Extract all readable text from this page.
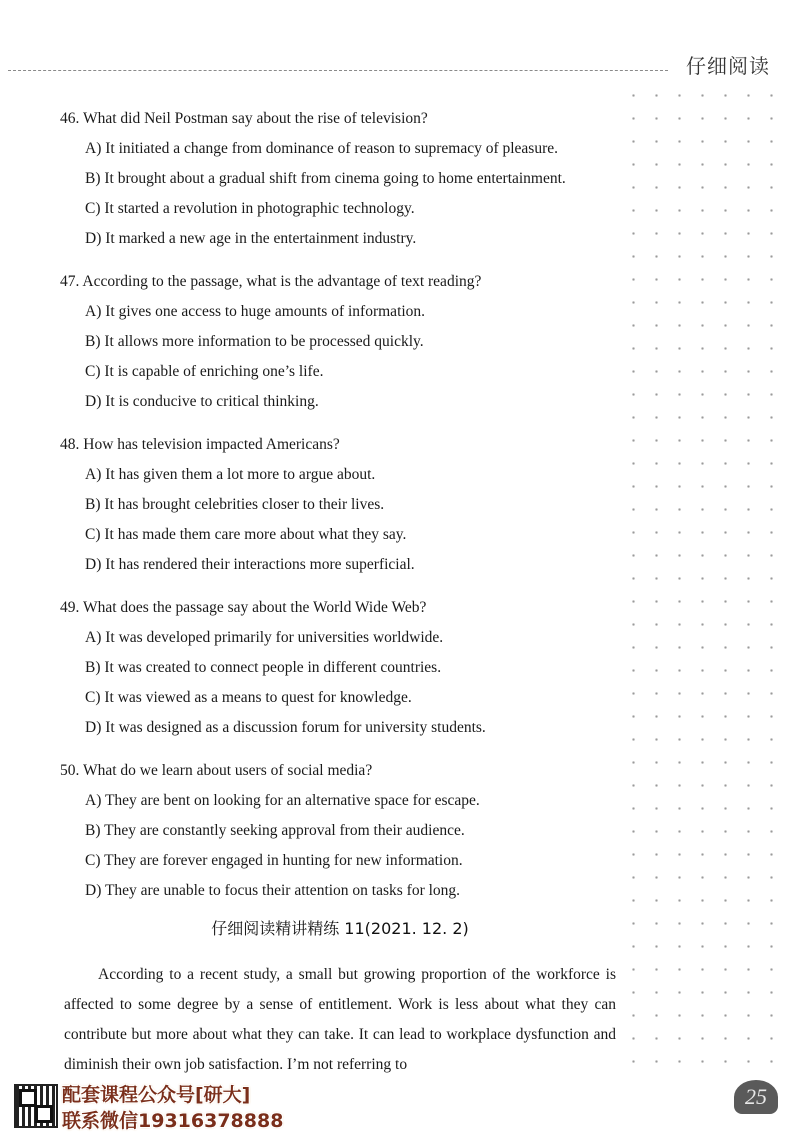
仔细阅读
46. What did Neil Postman say about the rise of television?
A) It initiated a change from dominance of reason to supremacy of pleasure.
B) It brought about a gradual shift from cinema going to home entertainment.
C) It started a revolution in photographic technology.
D) It marked a new age in the entertainment industry.
47. According to the passage, what is the advantage of text reading?
A) It gives one access to huge amounts of information.
B) It allows more information to be processed quickly.
C) It is capable of enriching one’s life.
D) It is conducive to critical thinking.
48. How has television impacted Americans?
A) It has given them a lot more to argue about.
B) It has brought celebrities closer to their lives.
C) It has made them care more about what they say.
D) It has rendered their interactions more superficial.
49. What does the passage say about the World Wide Web?
A) It was developed primarily for universities worldwide.
B) It was created to connect people in different countries.
C) It was viewed as a means to quest for knowledge.
D) It was designed as a discussion forum for university students.
50. What do we learn about users of social media?
A) They are bent on looking for an alternative space for escape.
B) They are constantly seeking approval from their audience.
C) They are forever engaged in hunting for new information.
D) They are unable to focus their attention on tasks for long.
仔细阅读精讲精练 11(2021. 12. 2)

According to a recent study, a small but growing proportion of the workforce is affected to some degree by a sense of entitlement. Work is less about what they can contribute but more about what they can take. It can lead to workplace dysfunction and diminish their own job satisfaction. I’m not referring to

配套课程公众号[研大]
联系微信19316378888
25
